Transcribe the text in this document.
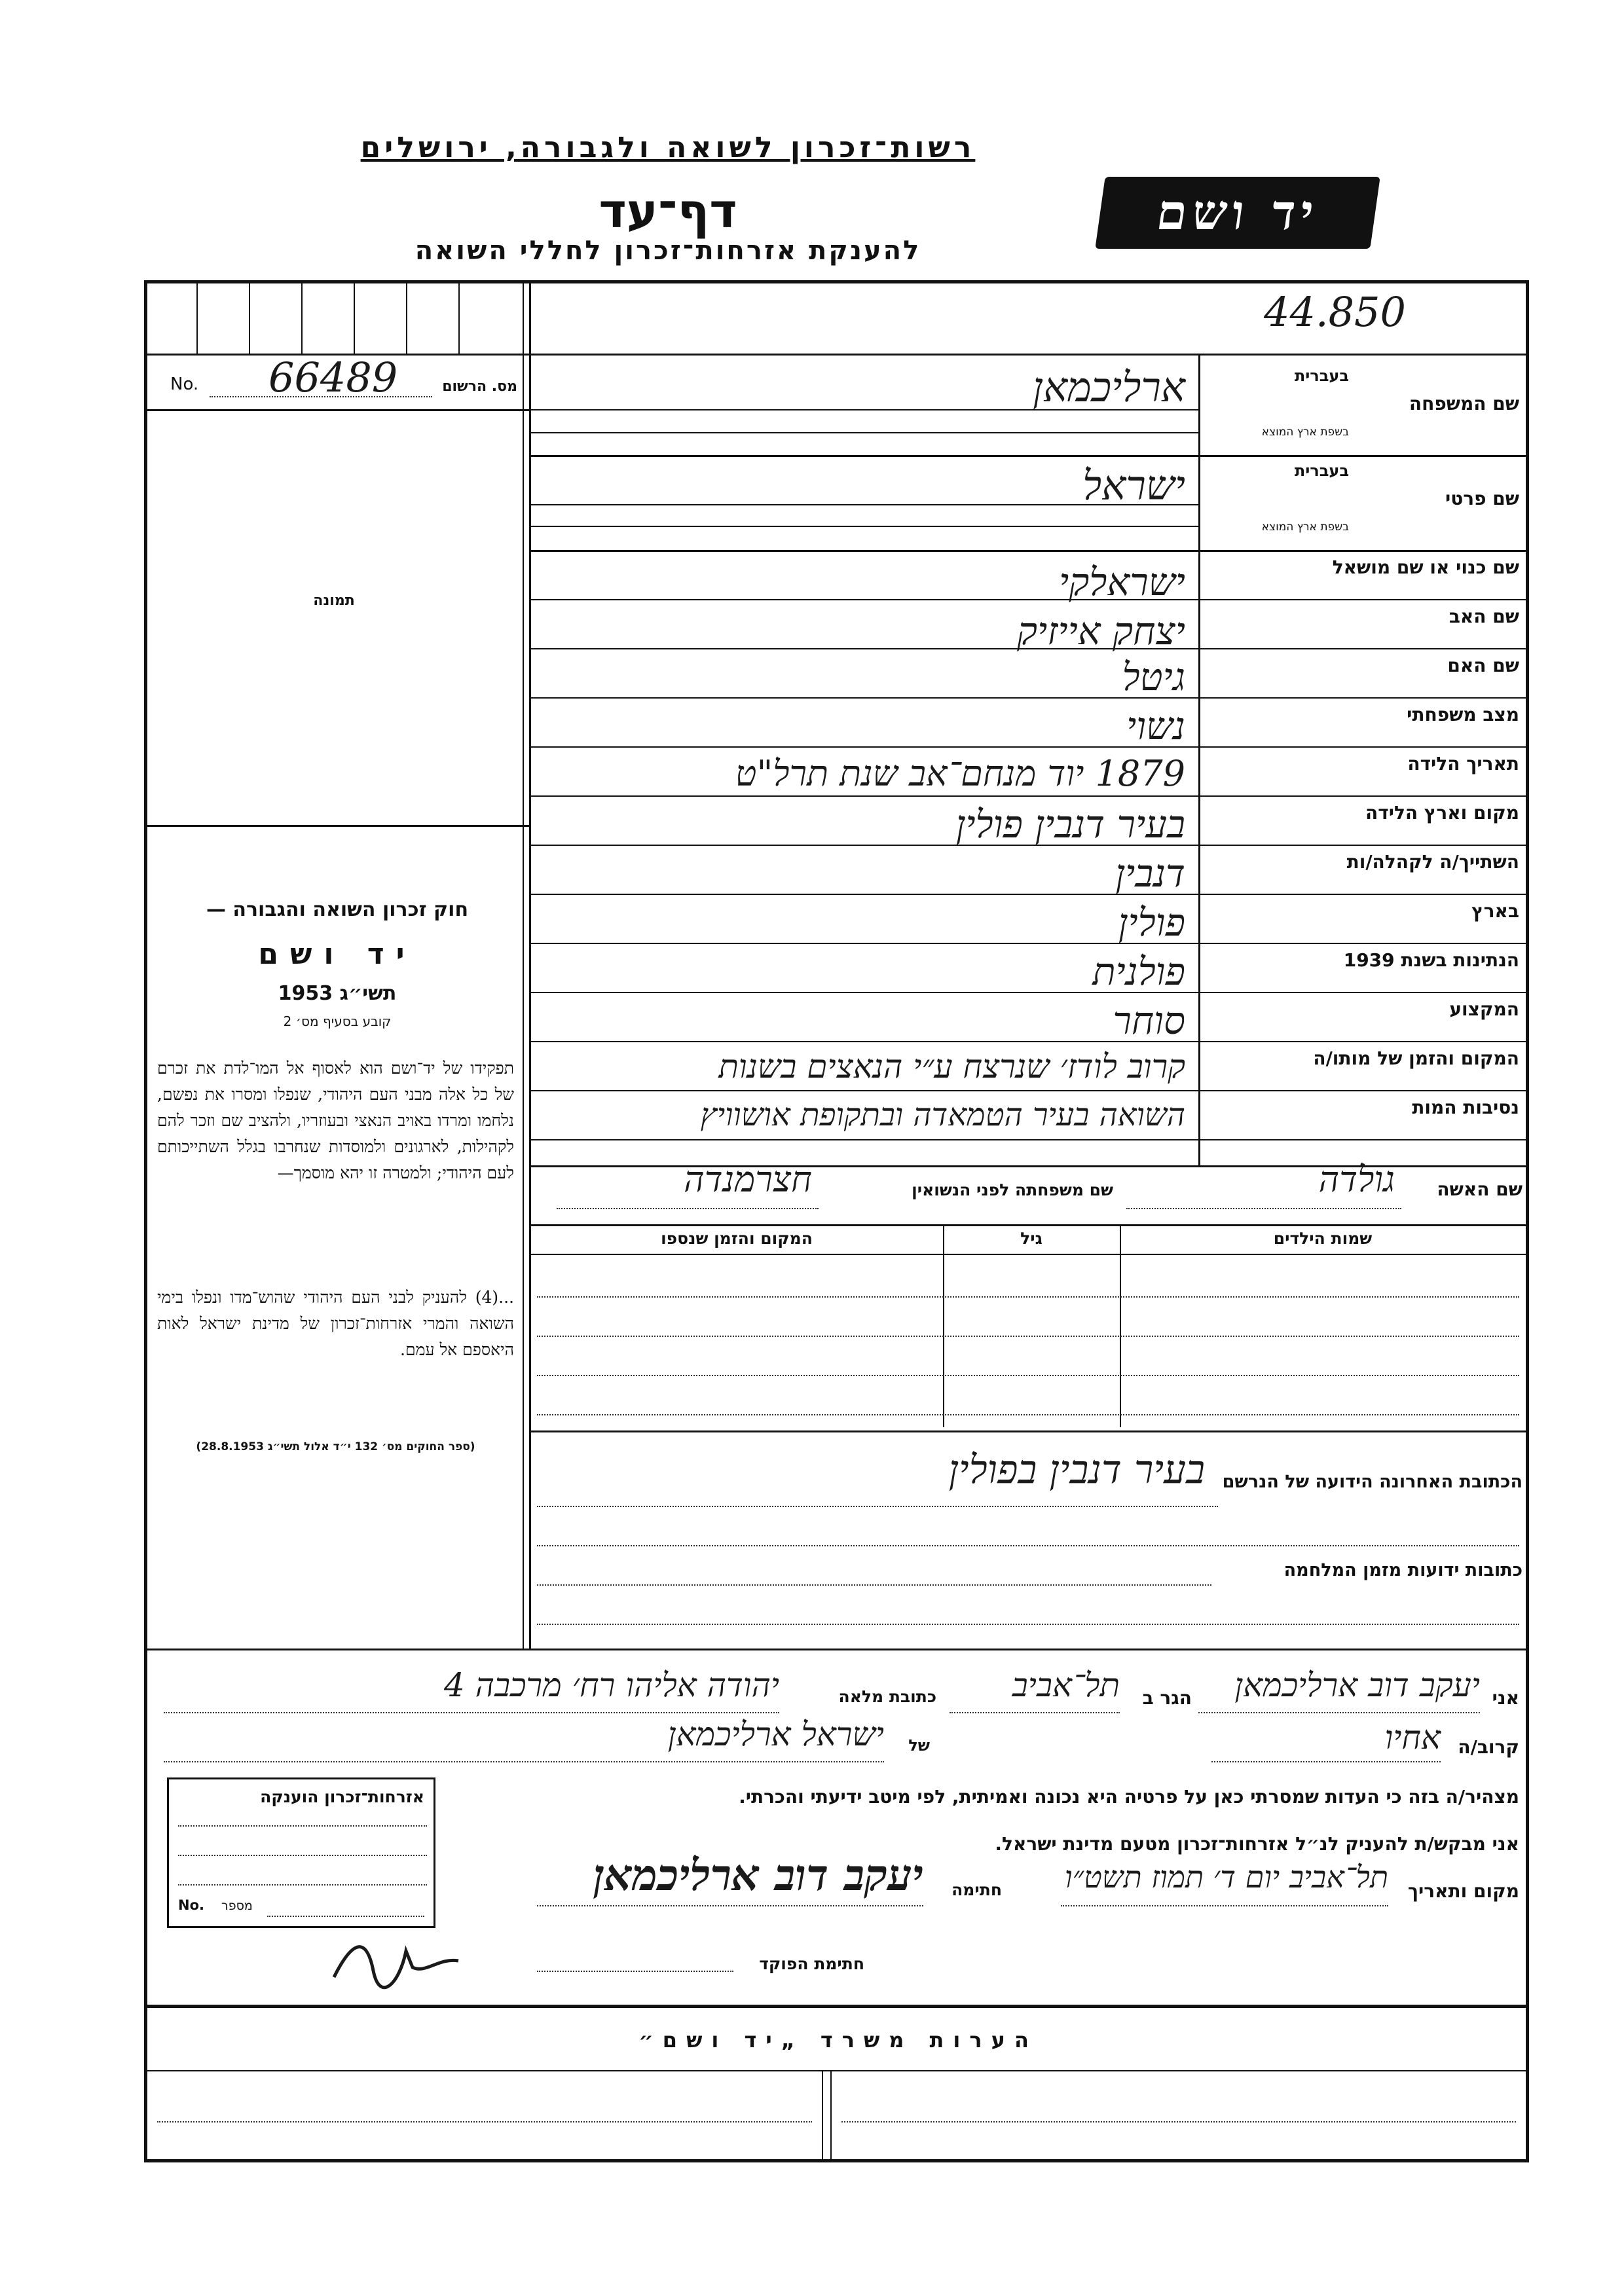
רשות־זכרון לשואה ולגבורה, ירושלים
דף־עד
להענקת אזרחות־זכרון לחללי השואה
יד ושם
44.850
מס. הרשום
No. 66489
תמונה
חוק זכרון השואה והגבורה —
יד ושם
תשי״ג 1953
קובע בסעיף מס׳ 2
תפקידו של יד־ושם הוא לאסוף אל המו־לדת את זכרם של כל אלה מבני העם היהודי, שנפלו ומסרו את נפשם, נלחמו ומרדו באויב הנאצי ובעוזריו, ולהציב שם וזכר להם לקהילות, לארגונים ולמוסדות שנחרבו בגלל השתייכותם לעם היהודי; ולמטרה זו יהא מוסמך—
...(4) להעניק לבני העם היהודי שהוש־מדו ונפלו בימי השואה והמרי אזרחות־זכרון של מדינת ישראל לאות היאספם אל עמם.
(ספר החוקים מס׳ 132 י״ד אלול תשי״ג 28.8.1953)
שם המשפחה
בעברית
בשפת ארץ המוצא
ארליכמאן
שם פרטי
בעברית
בשפת ארץ המוצא
ישראל
שם כנוי או שם מושאל
ישראלקי
שם האב
יצחק אייזיק
שם האם
גיטל
מצב משפחתי
נשוי
תאריך הלידה
1879 יוד מנחם־אב שנת תרל"ט
מקום וארץ הלידה
בעיר דנבין פולין
השתייך/ה לקהלה/ות
דנבין
בארץ
פולין
הנתינות בשנת 1939
פולנית
המקצוע
סוחר
המקום והזמן של מותו/ה
קרוב לודז׳ שנרצח ע״י הנאצים בשנות
נסיבות המות
השואה בעיר הטמאדה ובתקופת אושוויץ
שם האשה
גולדה
שם משפחתה לפני הנשואין
חצרמנדה
שמות הילדים
גיל
המקום והזמן שנספו
הכתובת האחרונה הידועה של הנרשם
בעיר דנבין בפולין
כתובות ידועות מזמן המלחמה
אני
יעקב דוב ארליכמאן
הגר ב
תל־אביב
כתובת מלאה
יהודה אליהו רח׳ מרכבה 4
קרוב/ה
אחיו
של
ישראל ארליכמאן
מצהיר/ה בזה כי העדות שמסרתי כאן על פרטיה היא נכונה ואמיתית, לפי מיטב ידיעתי והכרתי.
אני מבקש/ת להעניק לנ״ל אזרחות־זכרון מטעם מדינת ישראל.
מקום ותאריך
תל־אביב יום ד׳ תמוז תשט״ו
חתימה
יעקב דוב ארליכמאן
חתימת הפוקד
אזרחות־זכרון הוענקה
No. מספר
הערות משרד „יד ושם״
